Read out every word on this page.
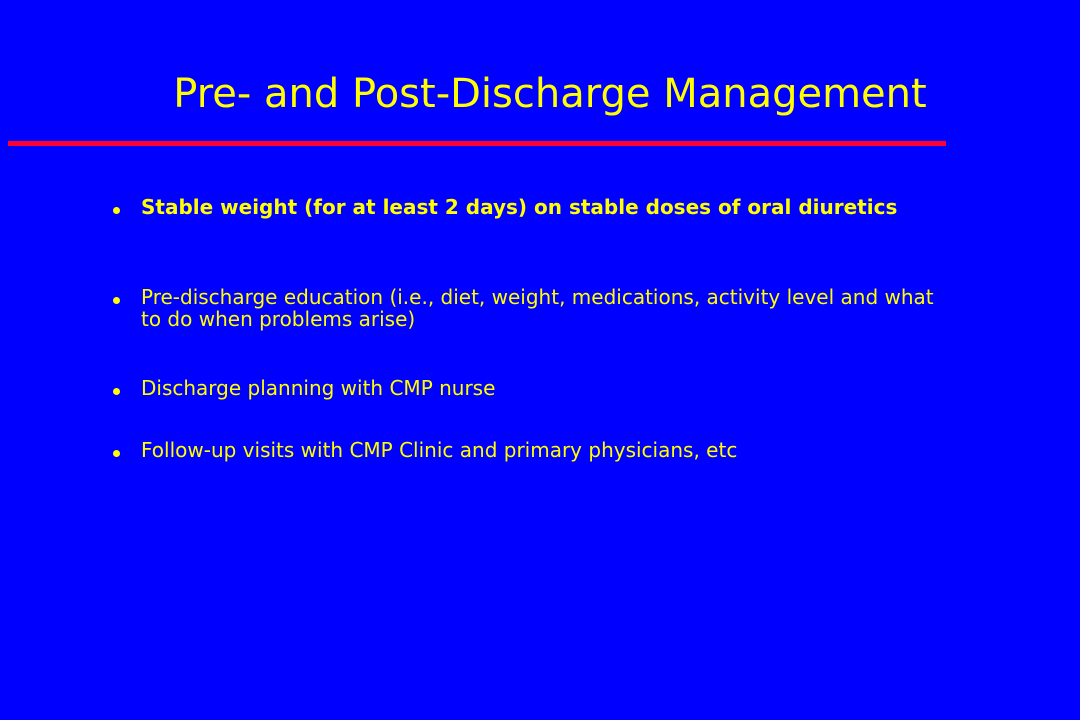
Pre- and Post-Discharge Management
Stable weight (for at least 2 days) on stable doses of oral diuretics
Pre-discharge education (i.e., diet, weight, medications, activity level and what to do when problems arise)
Discharge planning with CMP nurse
Follow-up visits with CMP Clinic and primary physicians, etc
